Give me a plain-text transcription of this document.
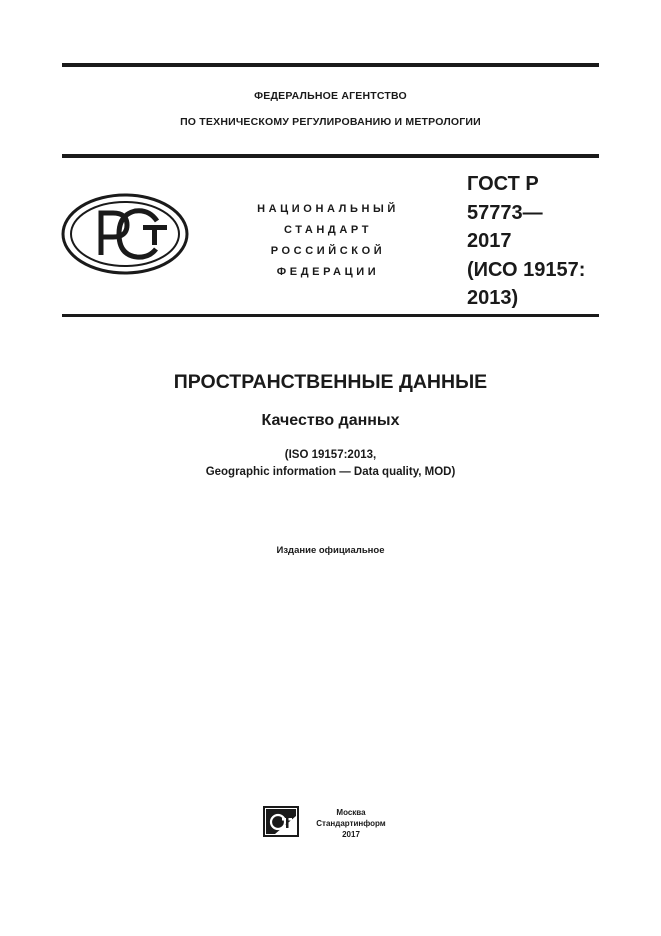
ФЕДЕРАЛЬНОЕ АГЕНТСТВО
ПО ТЕХНИЧЕСКОМУ РЕГУЛИРОВАНИЮ И МЕТРОЛОГИИ
НАЦИОНАЛЬНЫЙ
СТАНДАРТ
РОССИЙСКОЙ
ФЕДЕРАЦИИ
ГОСТ Р
57773—
2017
(ИСО 19157:
2013)
ПРОСТРАНСТВЕННЫЕ ДАННЫЕ
Качество данных
(ISO 19157:2013,
Geographic information — Data quality, MOD)
Издание официальное
Москва
Стандартинформ
2017
